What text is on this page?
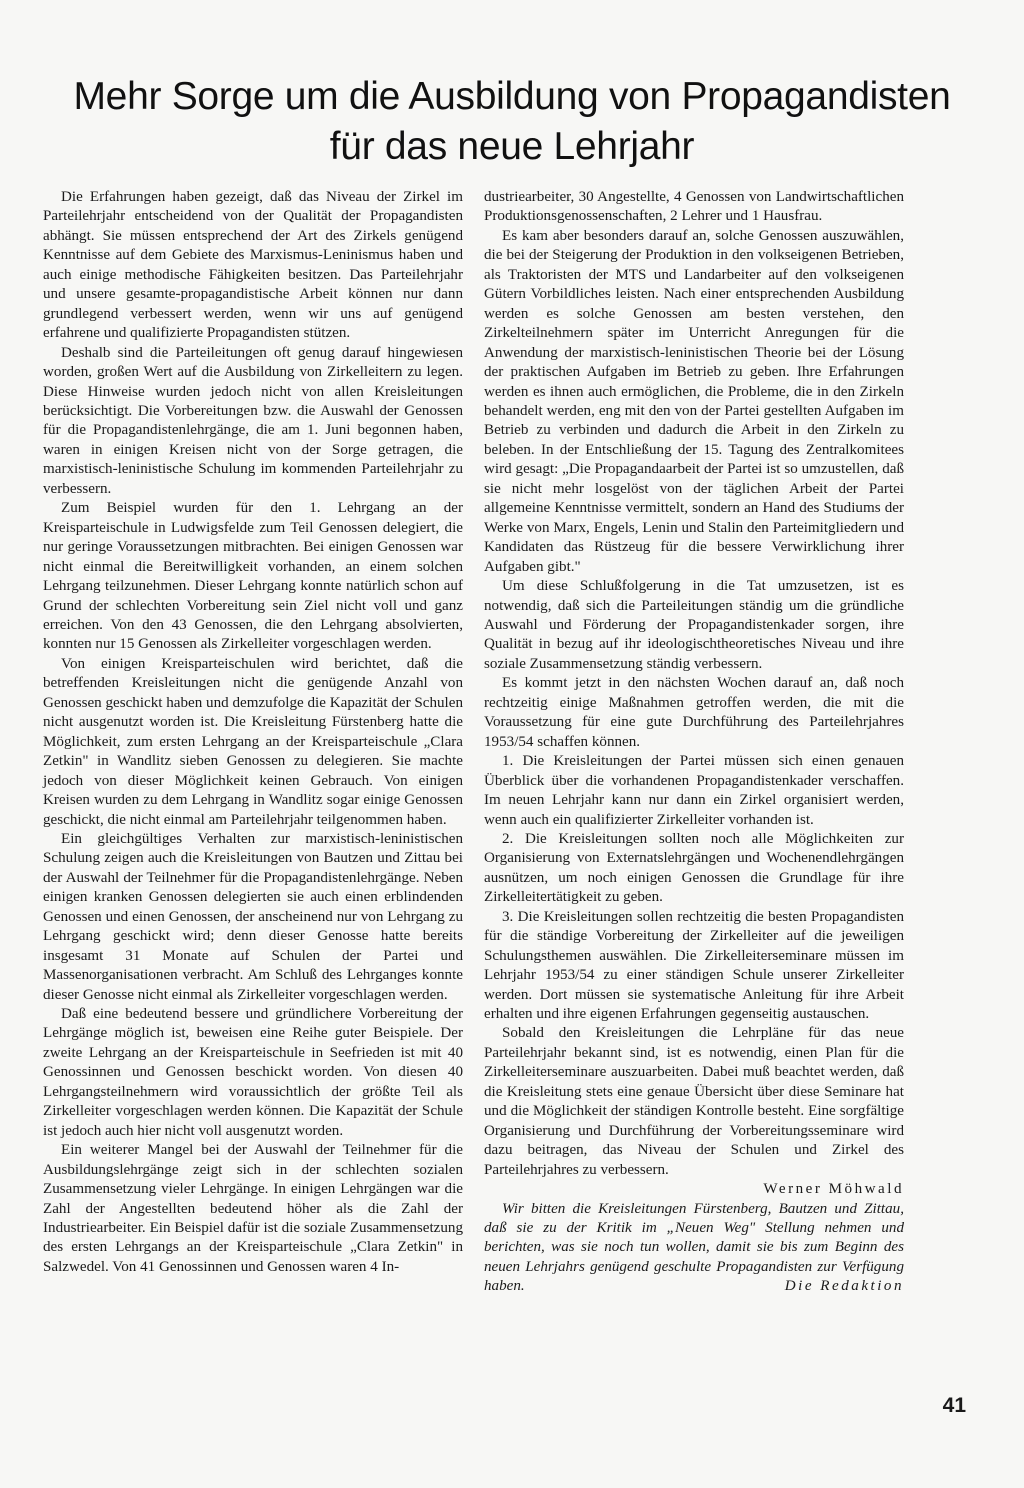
Mehr Sorge um die Ausbildung von Propagandisten
für das neue Lehrjahr

Die Erfahrungen haben gezeigt, daß das Niveau der Zirkel im Parteilehrjahr entscheidend von der Qualität der Propagandisten abhängt. Sie müssen entsprechend der Art des Zirkels genügend Kenntnisse auf dem Gebiete des Marxismus-Leninismus haben und auch einige methodische Fähigkeiten besitzen. Das Parteilehrjahr und unsere gesamte-propagandistische Arbeit können nur dann grundlegend verbessert werden, wenn wir uns auf genügend erfahrene und qualifizierte Propagandisten stützen.

Deshalb sind die Parteileitungen oft genug darauf hingewiesen worden, großen Wert auf die Ausbildung von Zirkelleitern zu legen. Diese Hinweise wurden jedoch nicht von allen Kreisleitungen berücksichtigt. Die Vorbereitungen bzw. die Auswahl der Genossen für die Propagandistenlehrgänge, die am 1. Juni begonnen haben, waren in einigen Kreisen nicht von der Sorge getragen, die marxistisch-leninistische Schulung im kommenden Parteilehrjahr zu verbessern.

Zum Beispiel wurden für den 1. Lehrgang an der Kreisparteischule in Ludwigsfelde zum Teil Genossen delegiert, die nur geringe Voraussetzungen mitbrachten. Bei einigen Genossen war nicht einmal die Bereitwilligkeit vorhanden, an einem solchen Lehrgang teilzunehmen. Dieser Lehrgang konnte natürlich schon auf Grund der schlechten Vorbereitung sein Ziel nicht voll und ganz erreichen. Von den 43 Genossen, die den Lehrgang absolvierten, konnten nur 15 Genossen als Zirkelleiter vorgeschlagen werden.

Von einigen Kreisparteischulen wird berichtet, daß die betreffenden Kreisleitungen nicht die genügende Anzahl von Genossen geschickt haben und demzufolge die Kapazität der Schulen nicht ausgenutzt worden ist. Die Kreisleitung Fürstenberg hatte die Möglichkeit, zum ersten Lehrgang an der Kreisparteischule „Clara Zetkin" in Wandlitz sieben Genossen zu delegieren. Sie machte jedoch von dieser Möglichkeit keinen Gebrauch. Von einigen Kreisen wurden zu dem Lehrgang in Wandlitz sogar einige Genossen geschickt, die nicht einmal am Parteilehrjahr teilgenommen haben.

Ein gleichgültiges Verhalten zur marxistisch-leninistischen Schulung zeigen auch die Kreisleitungen von Bautzen und Zittau bei der Auswahl der Teilnehmer für die Propagandistenlehrgänge. Neben einigen kranken Genossen delegierten sie auch einen erblindenden Genossen und einen Genossen, der anscheinend nur von Lehrgang zu Lehrgang geschickt wird; denn dieser Genosse hatte bereits insgesamt 31 Monate auf Schulen der Partei und Massenorganisationen verbracht. Am Schluß des Lehrganges konnte dieser Genosse nicht einmal als Zirkelleiter vorgeschlagen werden.

Daß eine bedeutend bessere und gründlichere Vorbereitung der Lehrgänge möglich ist, beweisen eine Reihe guter Beispiele. Der zweite Lehrgang an der Kreisparteischule in Seefrieden ist mit 40 Genossinnen und Genossen beschickt worden. Von diesen 40 Lehrgangsteilnehmern wird voraussichtlich der größte Teil als Zirkelleiter vorgeschlagen werden können. Die Kapazität der Schule ist jedoch auch hier nicht voll ausgenutzt worden.

Ein weiterer Mangel bei der Auswahl der Teilnehmer für die Ausbildungslehrgänge zeigt sich in der schlechten sozialen Zusammensetzung vieler Lehrgänge. In einigen Lehrgängen war die Zahl der Angestellten bedeutend höher als die Zahl der Industriearbeiter. Ein Beispiel dafür ist die soziale Zusammensetzung des ersten Lehrgangs an der Kreisparteischule „Clara Zetkin" in Salzwedel. Von 41 Genossinnen und Genossen waren 4 In-

dustriearbeiter, 30 Angestellte, 4 Genossen von Landwirtschaftlichen Produktionsgenossenschaften, 2 Lehrer und 1 Hausfrau.

Es kam aber besonders darauf an, solche Genossen auszuwählen, die bei der Steigerung der Produktion in den volkseigenen Betrieben, als Traktoristen der MTS und Landarbeiter auf den volkseigenen Gütern Vorbildliches leisten. Nach einer entsprechenden Ausbildung werden es solche Genossen am besten verstehen, den Zirkelteilnehmern später im Unterricht Anregungen für die Anwendung der marxistisch-leninistischen Theorie bei der Lösung der praktischen Aufgaben im Betrieb zu geben. Ihre Erfahrungen werden es ihnen auch ermöglichen, die Probleme, die in den Zirkeln behandelt werden, eng mit den von der Partei gestellten Aufgaben im Betrieb zu verbinden und dadurch die Arbeit in den Zirkeln zu beleben. In der Entschließung der 15. Tagung des Zentralkomitees wird gesagt: „Die Propagandaarbeit der Partei ist so umzustellen, daß sie nicht mehr losgelöst von der täglichen Arbeit der Partei allgemeine Kenntnisse vermittelt, sondern an Hand des Studiums der Werke von Marx, Engels, Lenin und Stalin den Parteimitgliedern und Kandidaten das Rüstzeug für die bessere Verwirklichung ihrer Aufgaben gibt."

Um diese Schlußfolgerung in die Tat umzusetzen, ist es notwendig, daß sich die Parteileitungen ständig um die gründliche Auswahl und Förderung der Propagandistenkader sorgen, ihre Qualität in bezug auf ihr ideologischtheoretisches Niveau und ihre soziale Zusammensetzung ständig verbessern.

Es kommt jetzt in den nächsten Wochen darauf an, daß noch rechtzeitig einige Maßnahmen getroffen werden, die mit die Voraussetzung für eine gute Durchführung des Parteilehrjahres 1953/54 schaffen können.

1. Die Kreisleitungen der Partei müssen sich einen genauen Überblick über die vorhandenen Propagandistenkader verschaffen. Im neuen Lehrjahr kann nur dann ein Zirkel organisiert werden, wenn auch ein qualifizierter Zirkelleiter vorhanden ist.

2. Die Kreisleitungen sollten noch alle Möglichkeiten zur Organisierung von Externatslehrgängen und Wochenendlehrgängen ausnützen, um noch einigen Genossen die Grundlage für ihre Zirkelleitertätigkeit zu geben.

3. Die Kreisleitungen sollen rechtzeitig die besten Propagandisten für die ständige Vorbereitung der Zirkelleiter auf die jeweiligen Schulungsthemen auswählen. Die Zirkelleiterseminare müssen im Lehrjahr 1953/54 zu einer ständigen Schule unserer Zirkelleiter werden. Dort müssen sie systematische Anleitung für ihre Arbeit erhalten und ihre eigenen Erfahrungen gegenseitig austauschen.

Sobald den Kreisleitungen die Lehrpläne für das neue Parteilehrjahr bekannt sind, ist es notwendig, einen Plan für die Zirkelleiterseminare auszuarbeiten. Dabei muß beachtet werden, daß die Kreisleitung stets eine genaue Übersicht über diese Seminare hat und die Möglichkeit der ständigen Kontrolle besteht. Eine sorgfältige Organisierung und Durchführung der Vorbereitungsseminare wird dazu beitragen, das Niveau der Schulen und Zirkel des Parteilehrjahres zu verbessern.

Werner Möhwald

Wir bitten die Kreisleitungen Fürstenberg, Bautzen und Zittau, daß sie zu der Kritik im „Neuen Weg" Stellung nehmen und berichten, was sie noch tun wollen, damit sie bis zum Beginn des neuen Lehrjahrs genügend geschulte Propagandisten zur Verfügung haben.	Die Redaktion

41
